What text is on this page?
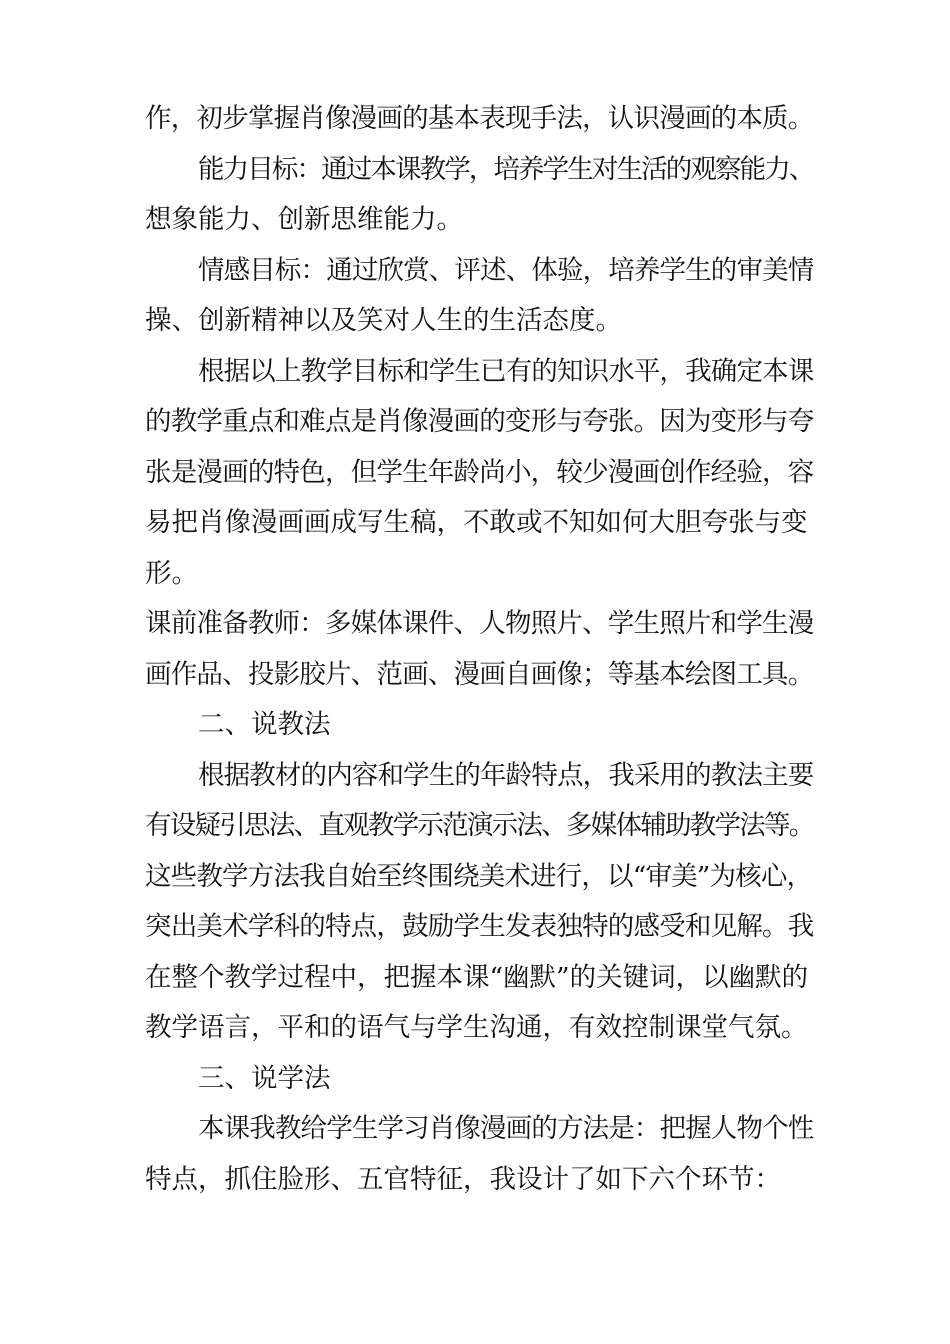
作，初步掌握肖像漫画的基本表现手法，认识漫画的本质。

能力目标：通过本课教学，培养学生对生活的观察能力、
想象能力、创新思维能力。

情感目标：通过欣赏、评述、体验，培养学生的审美情
操、创新精神以及笑对人生的生活态度。

根据以上教学目标和学生已有的知识水平，我确定本课
的教学重点和难点是肖像漫画的变形与夸张。因为变形与夸
张是漫画的特色，但学生年龄尚小，较少漫画创作经验，容
易把肖像漫画画成写生稿，不敢或不知如何大胆夸张与变
形。

课前准备教师：多媒体课件、人物照片、学生照片和学生漫
画作品、投影胶片、范画、漫画自画像；等基本绘图工具。

二、说教法

根据教材的内容和学生的年龄特点，我采用的教法主要
有设疑引思法、直观教学示范演示法、多媒体辅助教学法等。
这些教学方法我自始至终围绕美术进行，以“审美”为核心，
突出美术学科的特点，鼓励学生发表独特的感受和见解。我
在整个教学过程中，把握本课“幽默”的关键词，以幽默的
教学语言，平和的语气与学生沟通，有效控制课堂气氛。

三、说学法

本课我教给学生学习肖像漫画的方法是：把握人物个性
特点，抓住脸形、五官特征，我设计了如下六个环节：
